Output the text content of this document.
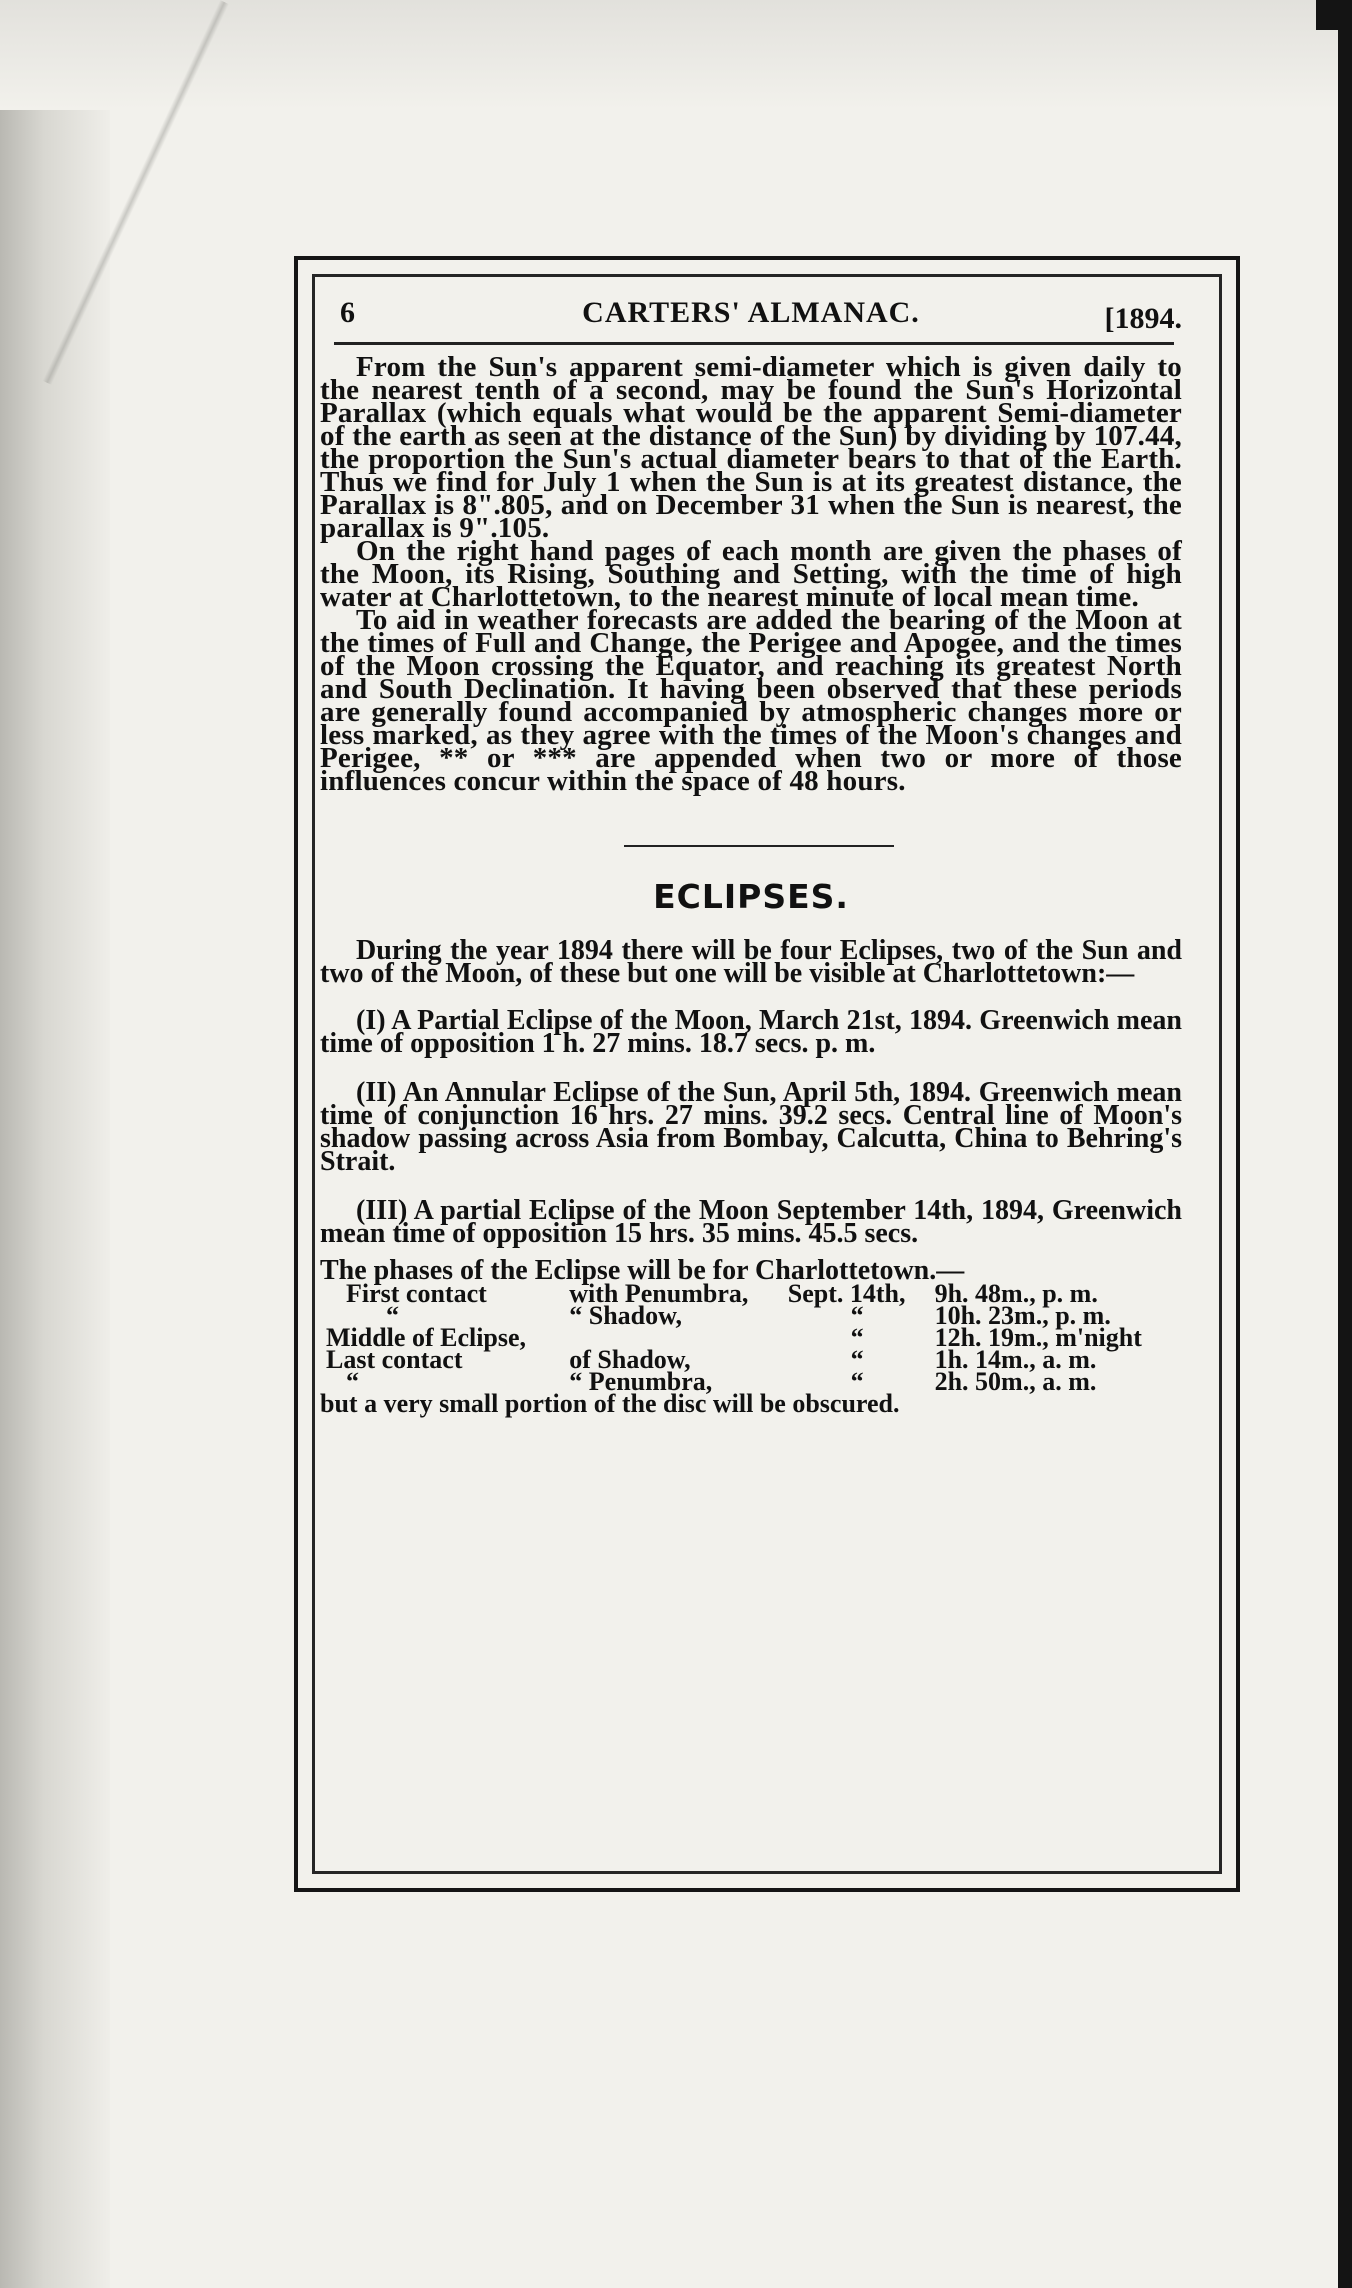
6	CARTERS' ALMANAC.	[1894.

From the Sun's apparent semi-diameter which is given daily to the nearest tenth of a second, may be found the Sun's Horizontal Parallax (which equals what would be the apparent Semi-diameter of the earth as seen at the distance of the Sun) by dividing by 107.44, the proportion the Sun's actual diameter bears to that of the Earth. Thus we find for July 1 when the Sun is at its greatest distance, the Parallax is 8".805, and on December 31 when the Sun is nearest, the parallax is 9".105.

On the right hand pages of each month are given the phases of the Moon, its Rising, Southing and Setting, with the time of high water at Charlottetown, to the nearest minute of local mean time.

To aid in weather forecasts are added the bearing of the Moon at the times of Full and Change, the Perigee and Apogee, and the times of the Moon crossing the Equator, and reaching its greatest North and South Declination. It having been observed that these periods are generally found accompanied by atmospheric changes more or less marked, as they agree with the times of the Moon's changes and Perigee, ** or *** are appended when two or more of those influences concur within the space of 48 hours.

ECLIPSES.

During the year 1894 there will be four Eclipses, two of the Sun and two of the Moon, of these but one will be visible at Charlottetown:—

(I) A Partial Eclipse of the Moon, March 21st, 1894. Greenwich mean time of opposition 1 h. 27 mins. 18.7 secs. p. m.

(II) An Annular Eclipse of the Sun, April 5th, 1894. Greenwich mean time of conjunction 16 hrs. 27 mins. 39.2 secs. Central line of Moon's shadow passing across Asia from Bombay, Calcutta, China to Behring's Strait.

(III) A partial Eclipse of the Moon September 14th, 1894, Greenwich mean time of opposition 15 hrs. 35 mins. 45.5 secs.

The phases of the Eclipse will be for Charlottetown.—

First contact	with Penumbra,	Sept. 14th,	9h. 48m., p. m.
“	“ Shadow,	“	10h. 23m., p. m.
Middle of Eclipse,		“	12h. 19m., m'night
Last contact	of Shadow,	“	1h. 14m., a. m.
“	“ Penumbra,	“	2h. 50m., a. m.

but a very small portion of the disc will be obscured.
